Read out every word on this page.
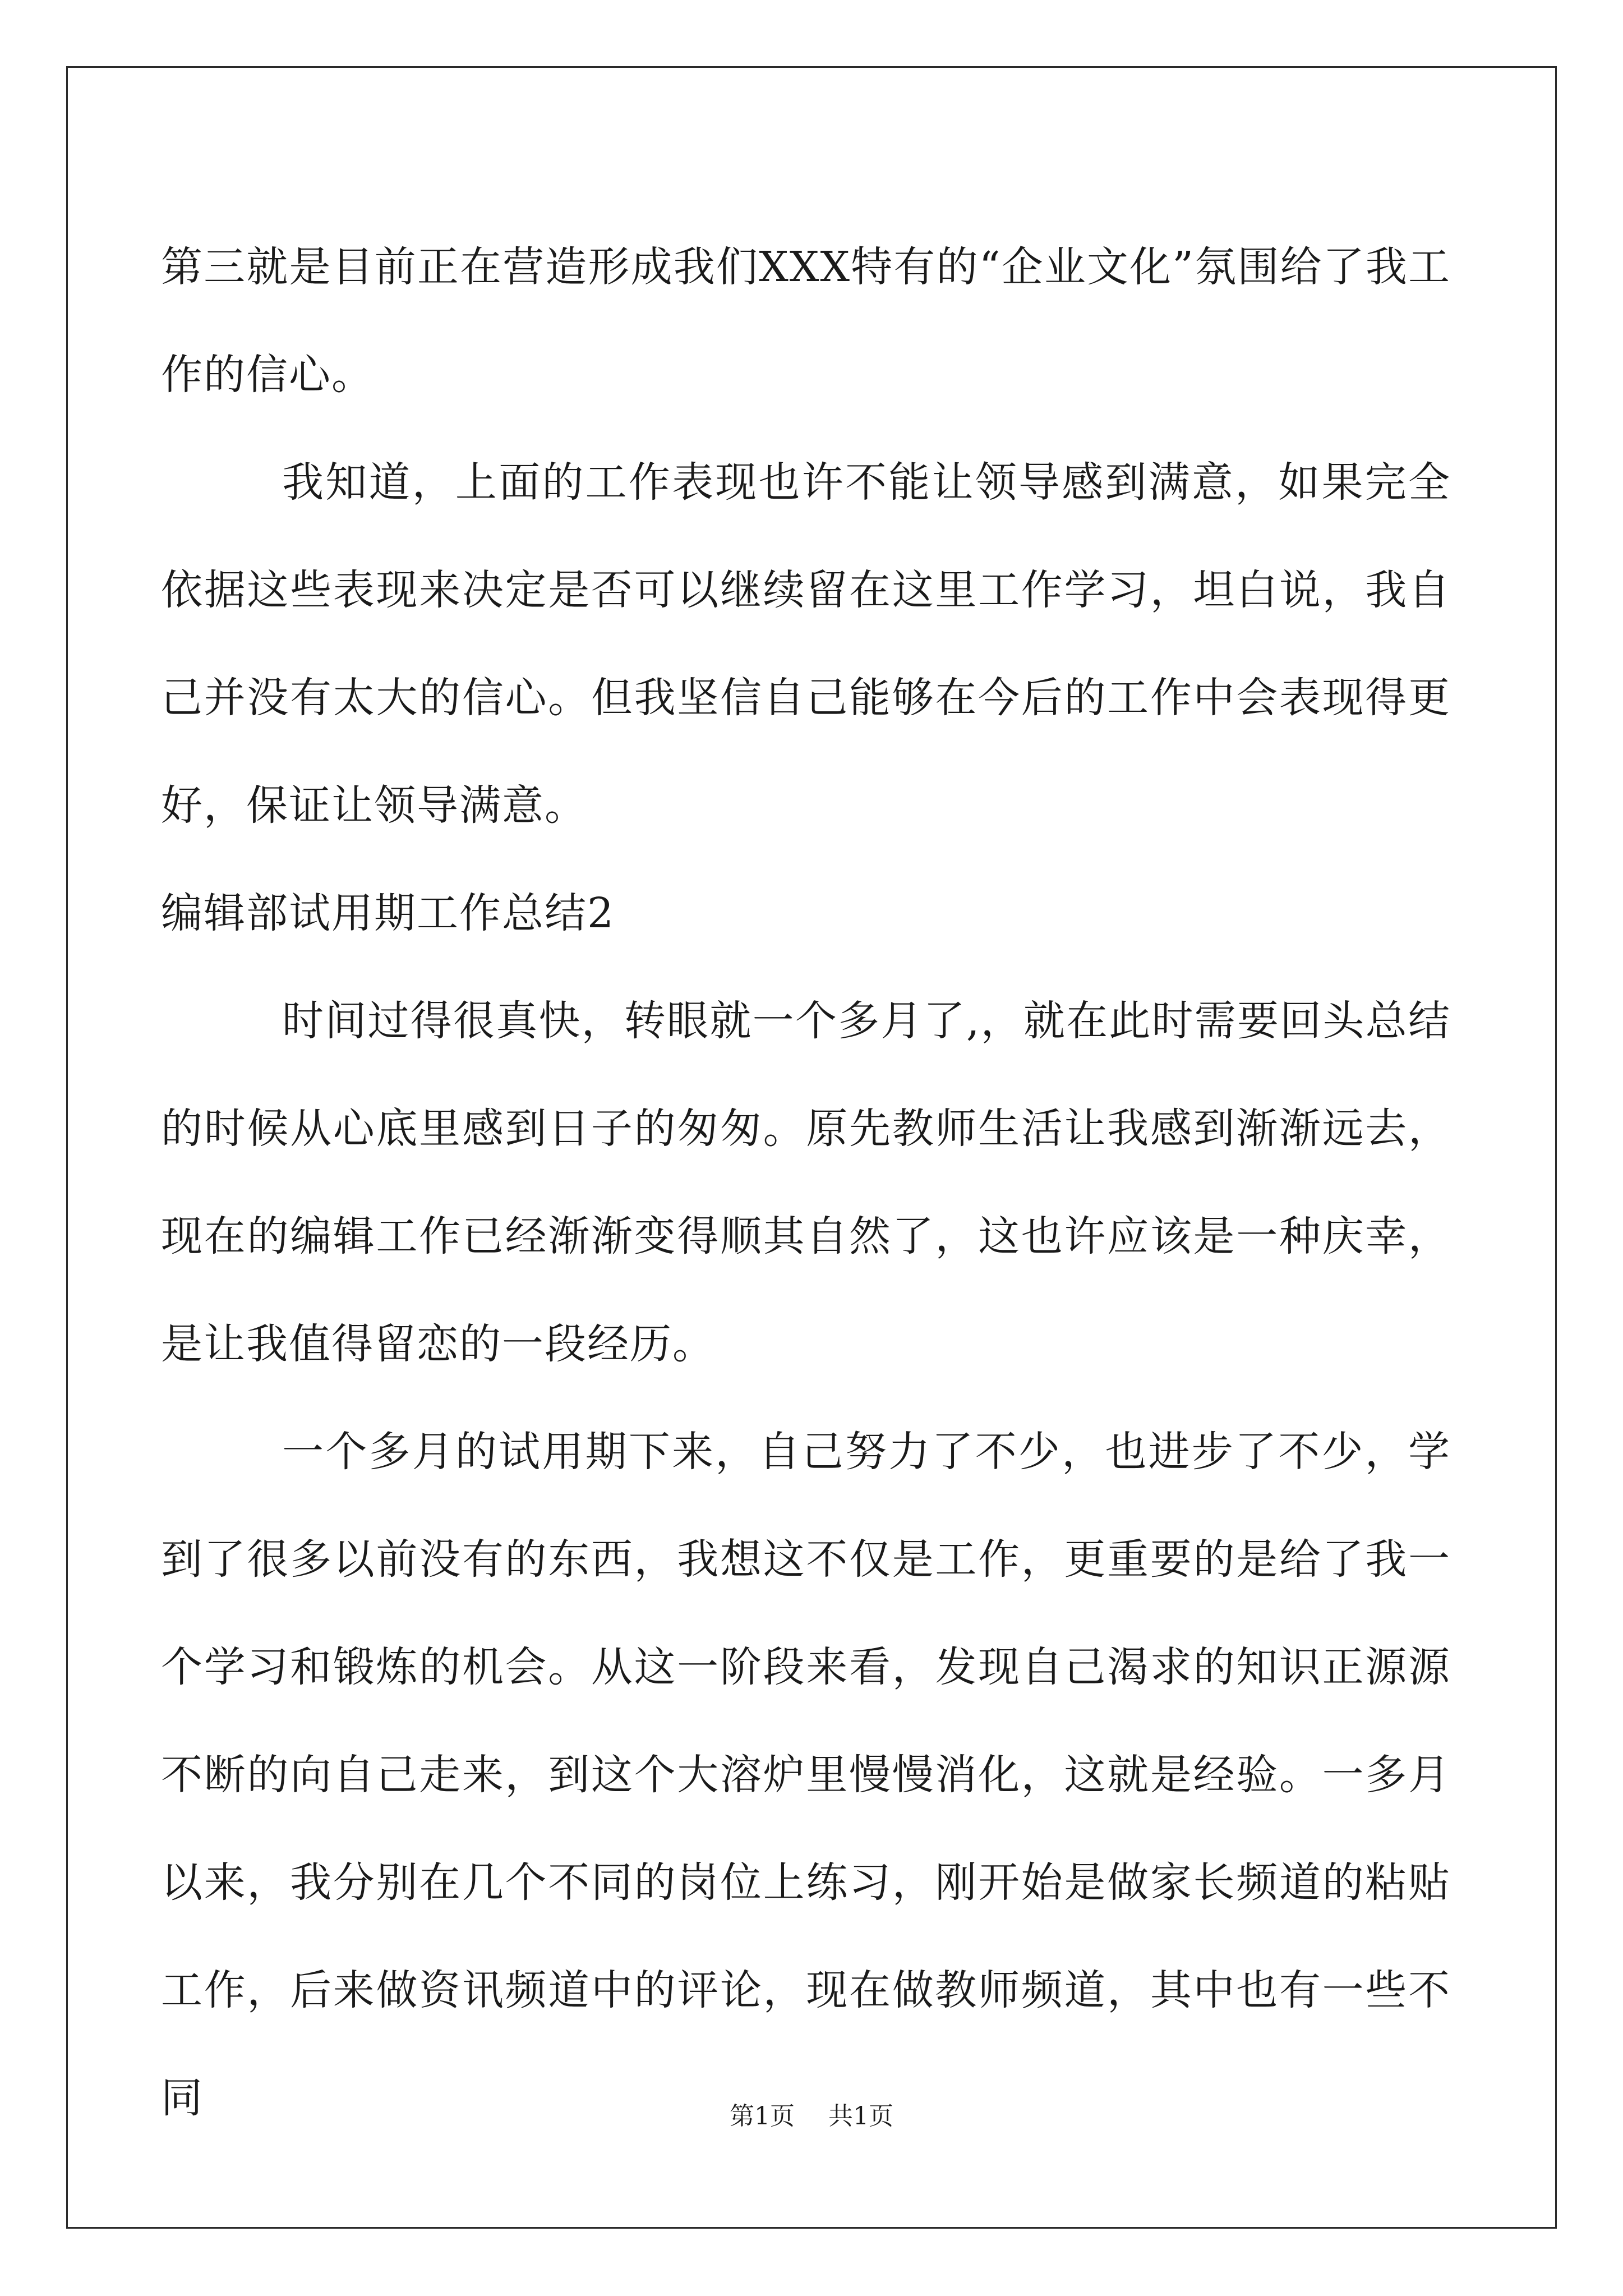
第三就是目前正在营造形成我们XXX特有的“企业文化”氛围给了我工作的信心。

我知道，上面的工作表现也许不能让领导感到满意，如果完全依据这些表现来决定是否可以继续留在这里工作学习，坦白说，我自己并没有太大的信心。但我坚信自己能够在今后的工作中会表现得更好，保证让领导满意。

编辑部试用期工作总结2

时间过得很真快，转眼就一个多月了,，就在此时需要回头总结的时候从心底里感到日子的匆匆。原先教师生活让我感到渐渐远去，现在的编辑工作已经渐渐变得顺其自然了，这也许应该是一种庆幸，是让我值得留恋的一段经历。

一个多月的试用期下来，自己努力了不少，也进步了不少，学到了很多以前没有的东西，我想这不仅是工作，更重要的是给了我一个学习和锻炼的机会。从这一阶段来看，发现自己渴求的知识正源源不断的向自己走来，到这个大溶炉里慢慢消化，这就是经验。一多月以来，我分别在几个不同的岗位上练习，刚开始是做家长频道的粘贴工作，后来做资讯频道中的评论，现在做教师频道，其中也有一些不同	第1页 共1页
